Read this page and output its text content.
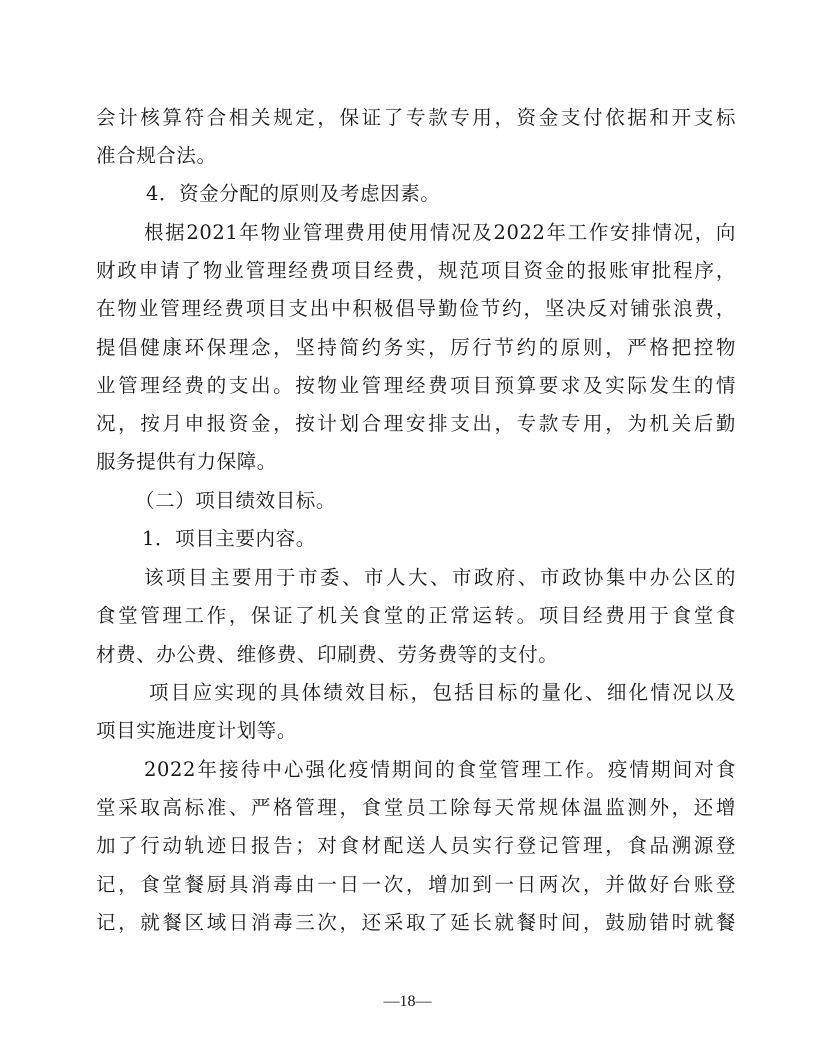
会计核算符合相关规定，保证了专款专用，资金支付依据和开支标
准合规合法。
4．资金分配的原则及考虑因素。
根据2021年物业管理费用使用情况及2022年工作安排情况，向
财政申请了物业管理经费项目经费，规范项目资金的报账审批程序，
在物业管理经费项目支出中积极倡导勤俭节约，坚决反对铺张浪费，
提倡健康环保理念，坚持简约务实，厉行节约的原则，严格把控物
业管理经费的支出。按物业管理经费项目预算要求及实际发生的情
况，按月申报资金，按计划合理安排支出，专款专用，为机关后勤
服务提供有力保障。
（二）项目绩效目标。
1．项目主要内容。
该项目主要用于市委、市人大、市政府、市政协集中办公区的
食堂管理工作，保证了机关食堂的正常运转。项目经费用于食堂食
材费、办公费、维修费、印刷费、劳务费等的支付。
项目应实现的具体绩效目标，包括目标的量化、细化情况以及
项目实施进度计划等。
2022年接待中心强化疫情期间的食堂管理工作。疫情期间对食
堂采取高标准、严格管理，食堂员工除每天常规体温监测外，还增
加了行动轨迹日报告；对食材配送人员实行登记管理，食品溯源登
记，食堂餐厨具消毒由一日一次，增加到一日两次，并做好台账登
记，就餐区域日消毒三次，还采取了延长就餐时间，鼓励错时就餐
—18—
